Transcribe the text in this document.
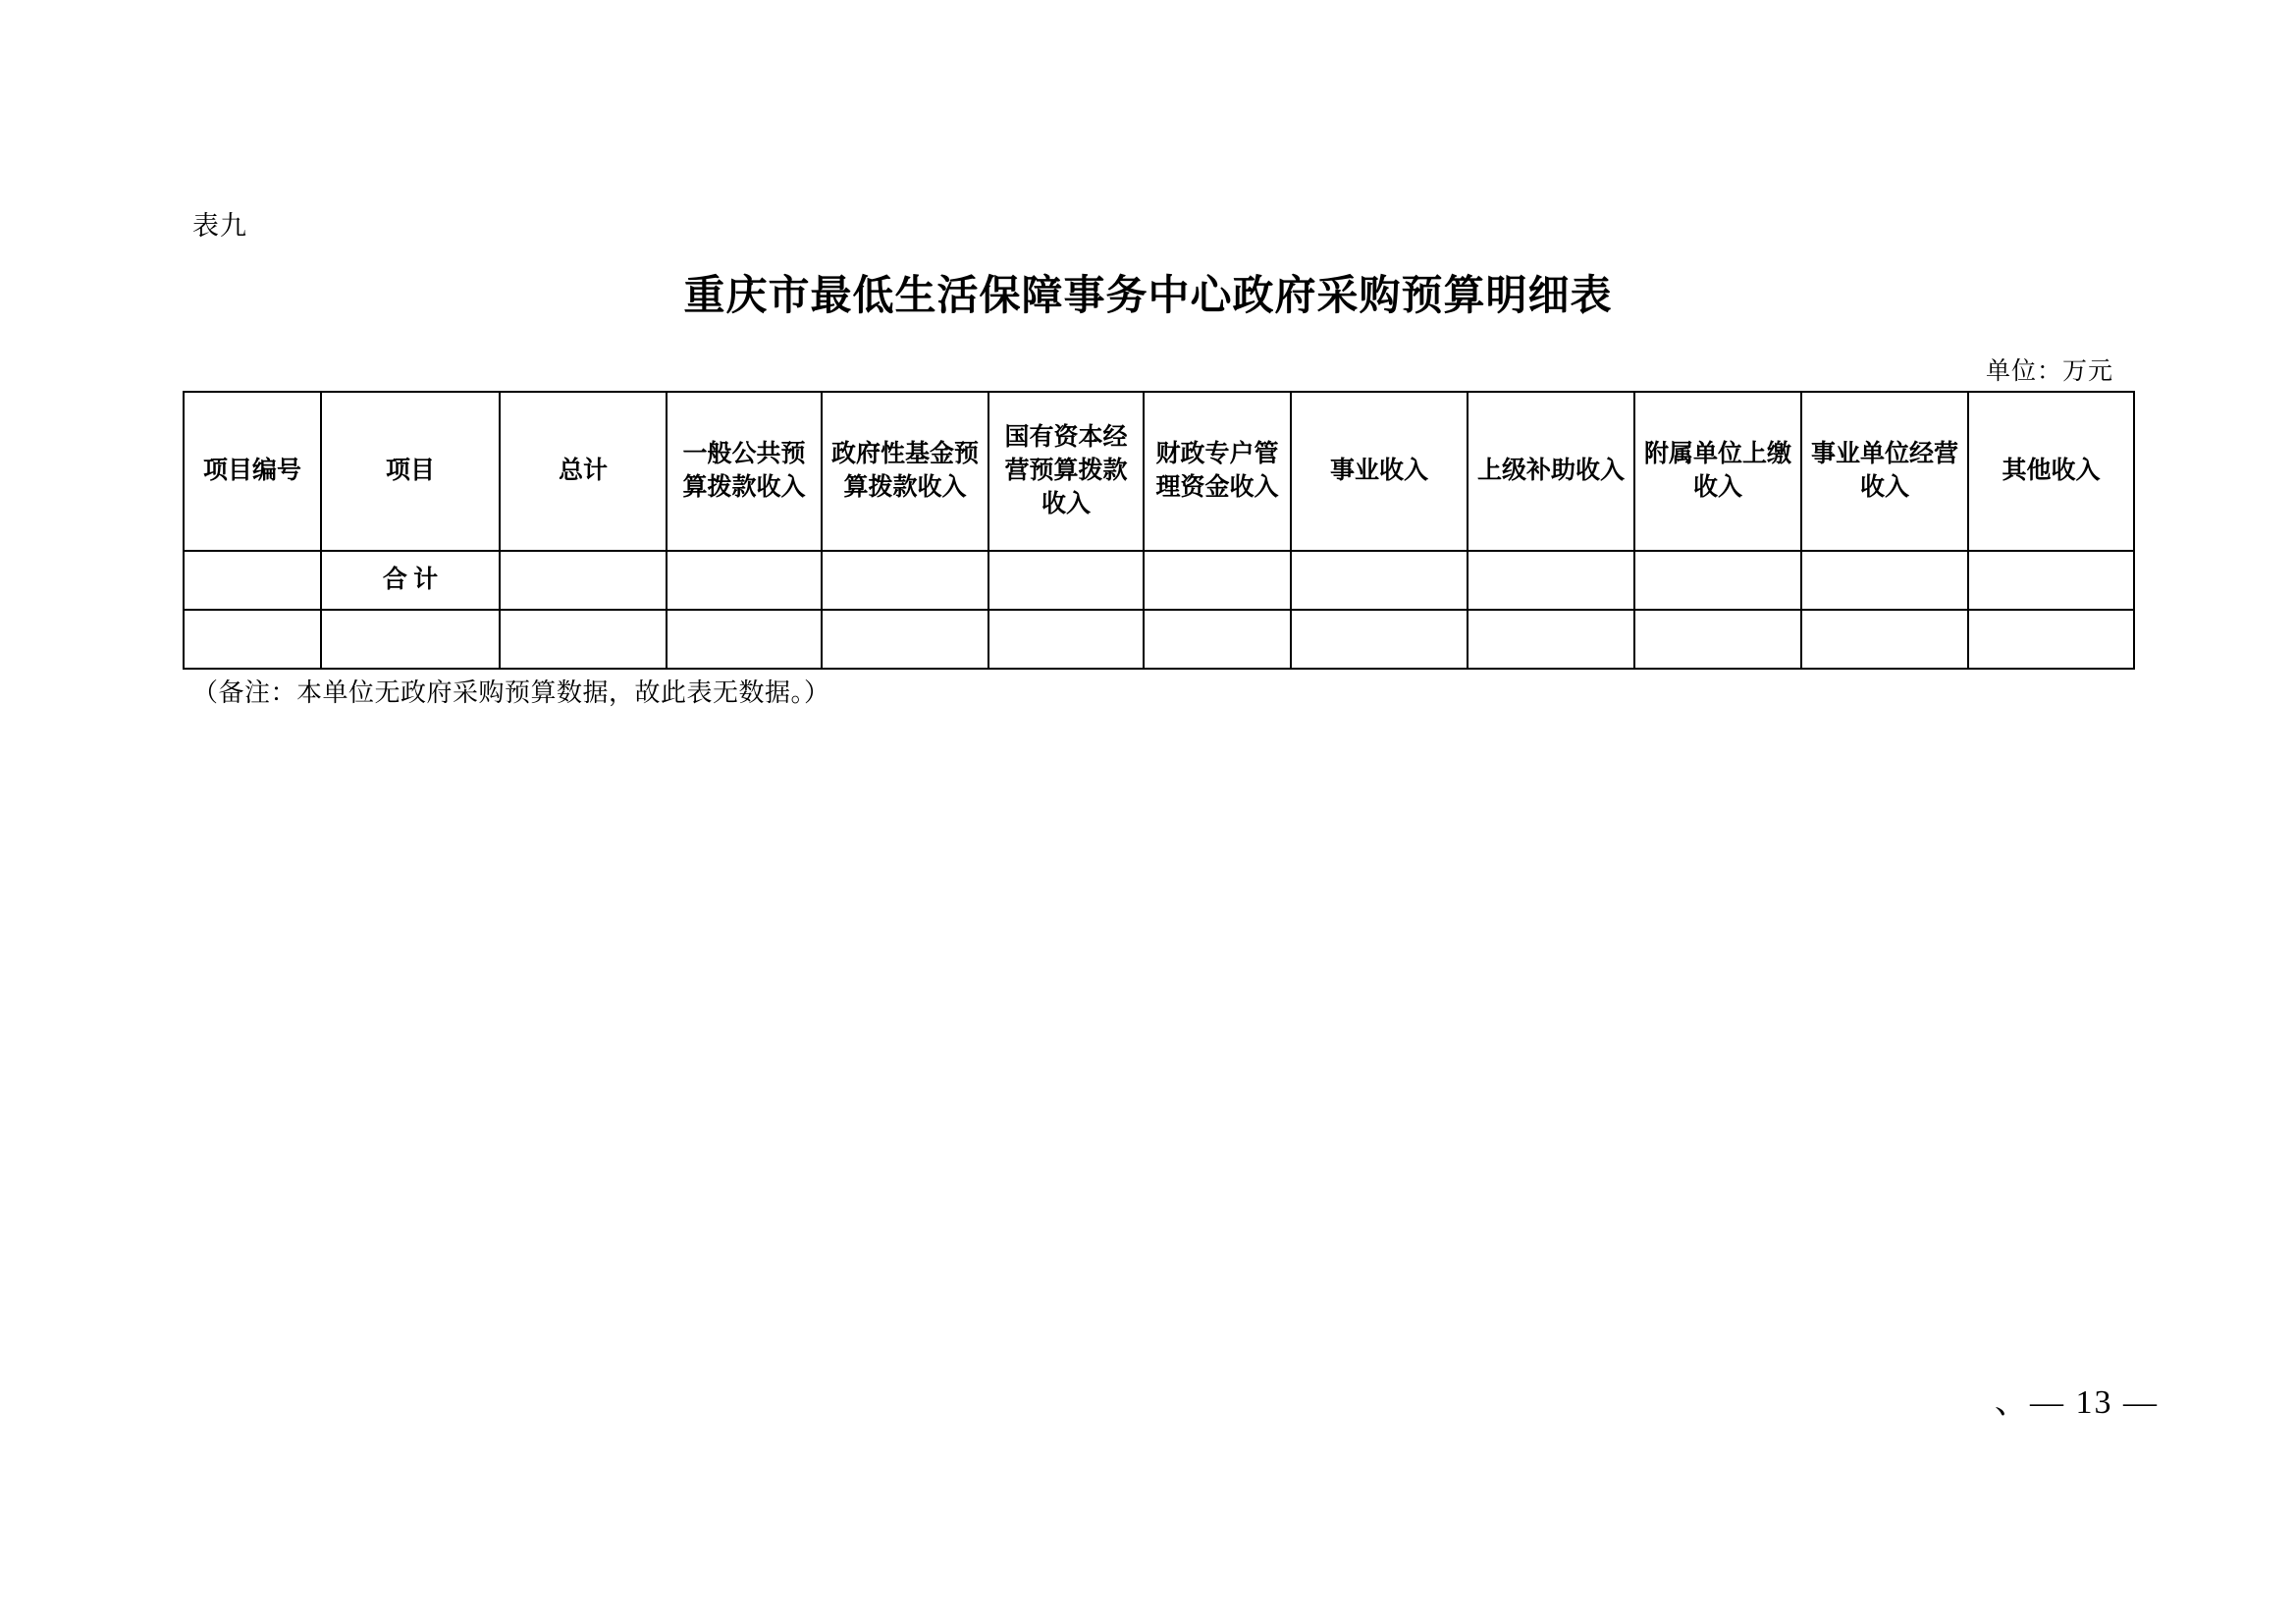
表九
重庆市最低生活保障事务中心政府采购预算明细表
单位：万元
项目编号	项目	总计	一般公共预算拨款收入	政府性基金预算拨款收入	国有资本经营预算拨款收入	财政专户管理资金收入	事业收入	上级补助收入	附属单位上缴收入	事业单位经营收入	其他收入
	合 计										

（备注：本单位无政府采购预算数据，故此表无数据。）
、— 13 —
